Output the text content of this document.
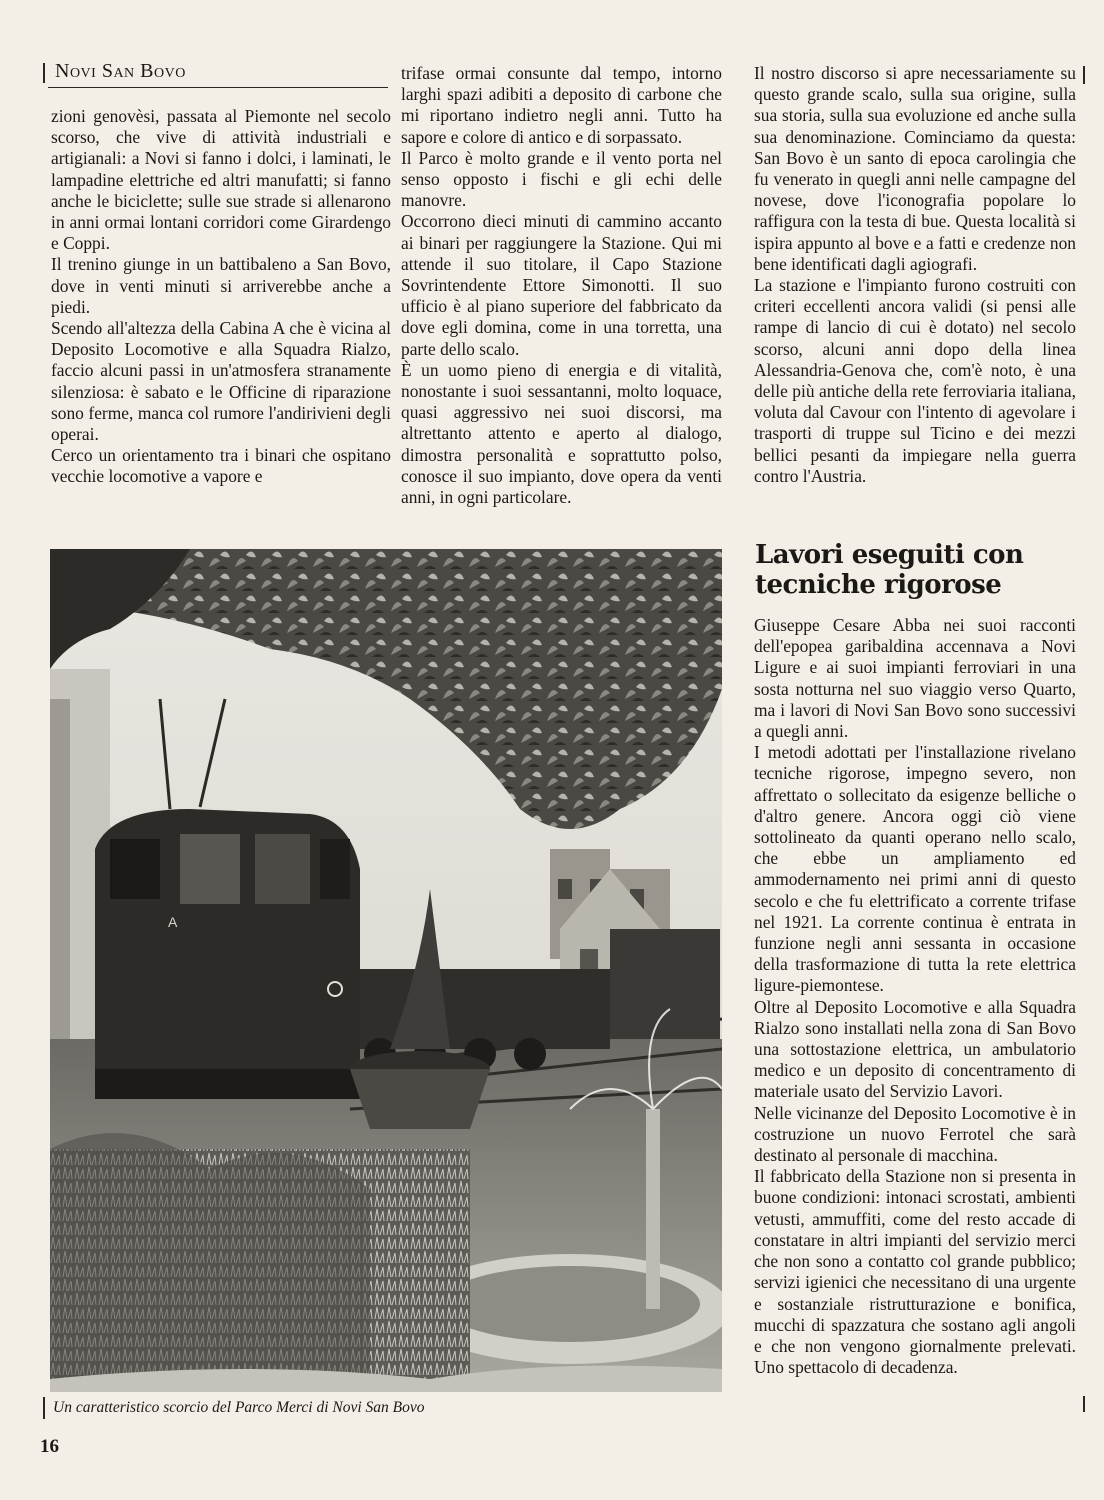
Novi San Bovo

zioni genovèsi, passata al Piemonte nel secolo scorso, che vive di attività industriali e artigianali: a Novi si fanno i dolci, i laminati, le lampadine elettriche ed altri manufatti; si fanno anche le biciclette; sulle sue strade si allenarono in anni ormai lontani corridori come Girardengo e Coppi.

Il trenino giunge in un battibaleno a San Bovo, dove in venti minuti si arriverebbe anche a piedi.

Scendo all'altezza della Cabina A che è vicina al Deposito Locomotive e alla Squadra Rialzo, faccio alcuni passi in un'atmosfera stranamente silenziosa: è sabato e le Officine di riparazione sono ferme, manca col rumore l'andirivieni degli operai.

Cerco un orientamento tra i binari che ospitano vecchie locomotive a vapore e

trifase ormai consunte dal tempo, intorno larghi spazi adibiti a deposito di carbone che mi riportano indietro negli anni. Tutto ha sapore e colore di antico e di sorpassato.

Il Parco è molto grande e il vento porta nel senso opposto i fischi e gli echi delle manovre.

Occorrono dieci minuti di cammino accanto ai binari per raggiungere la Stazione. Qui mi attende il suo titolare, il Capo Stazione Sovrintendente Ettore Simonotti. Il suo ufficio è al piano superiore del fabbricato da dove egli domina, come in una torretta, una parte dello scalo.

È un uomo pieno di energia e di vitalità, nonostante i suoi sessantanni, molto loquace, quasi aggressivo nei suoi discorsi, ma altrettanto attento e aperto al dialogo, dimostra personalità e soprattutto polso, conosce il suo impianto, dove opera da venti anni, in ogni particolare.

Il nostro discorso si apre necessariamente su questo grande scalo, sulla sua origine, sulla sua storia, sulla sua evoluzione ed anche sulla sua denominazione. Cominciamo da questa: San Bovo è un santo di epoca carolingia che fu venerato in quegli anni nelle campagne del novese, dove l'iconografia popolare lo raffigura con la testa di bue. Questa località si ispira appunto al bove e a fatti e credenze non bene identificati dagli agiografi.

La stazione e l'impianto furono costruiti con criteri eccellenti ancora validi (si pensi alle rampe di lancio di cui è dotato) nel secolo scorso, alcuni anni dopo della linea Alessandria-Genova che, com'è noto, è una delle più antiche della rete ferroviaria italiana, voluta dal Cavour con l'intento di agevolare i trasporti di truppe sul Ticino e dei mezzi bellici pesanti da impiegare nella guerra contro l'Austria.

Lavori eseguiti con tecniche rigorose

Giuseppe Cesare Abba nei suoi racconti dell'epopea garibaldina accennava a Novi Ligure e ai suoi impianti ferroviari in una sosta notturna nel suo viaggio verso Quarto, ma i lavori di Novi San Bovo sono successivi a quegli anni.

I metodi adottati per l'installazione rivelano tecniche rigorose, impegno severo, non affrettato o sollecitato da esigenze belliche o d'altro genere. Ancora oggi ciò viene sottolineato da quanti operano nello scalo, che ebbe un ampliamento ed ammodernamento nei primi anni di questo secolo e che fu elettrificato a corrente trifase nel 1921. La corrente continua è entrata in funzione negli anni sessanta in occasione della trasformazione di tutta la rete elettrica ligure-piemontese.

Oltre al Deposito Locomotive e alla Squadra Rialzo sono installati nella zona di San Bovo una sottostazione elettrica, un ambulatorio medico e un deposito di concentramento di materiale usato del Servizio Lavori.

Nelle vicinanze del Deposito Locomotive è in costruzione un nuovo Ferrotel che sarà destinato al personale di macchina.

Il fabbricato della Stazione non si presenta in buone condizioni: intonaci scrostati, ambienti vetusti, ammuffiti, come del resto accade di constatare in altri impianti del servizio merci che non sono a contatto col grande pubblico; servizi igienici che necessitano di una urgente e sostanziale ristrutturazione e bonifica, mucchi di spazzatura che sostano agli angoli e che non vengono giornalmente prelevati. Uno spettacolo di decadenza.

A
Un caratteristico scorcio del Parco Merci di Novi San Bovo
16
